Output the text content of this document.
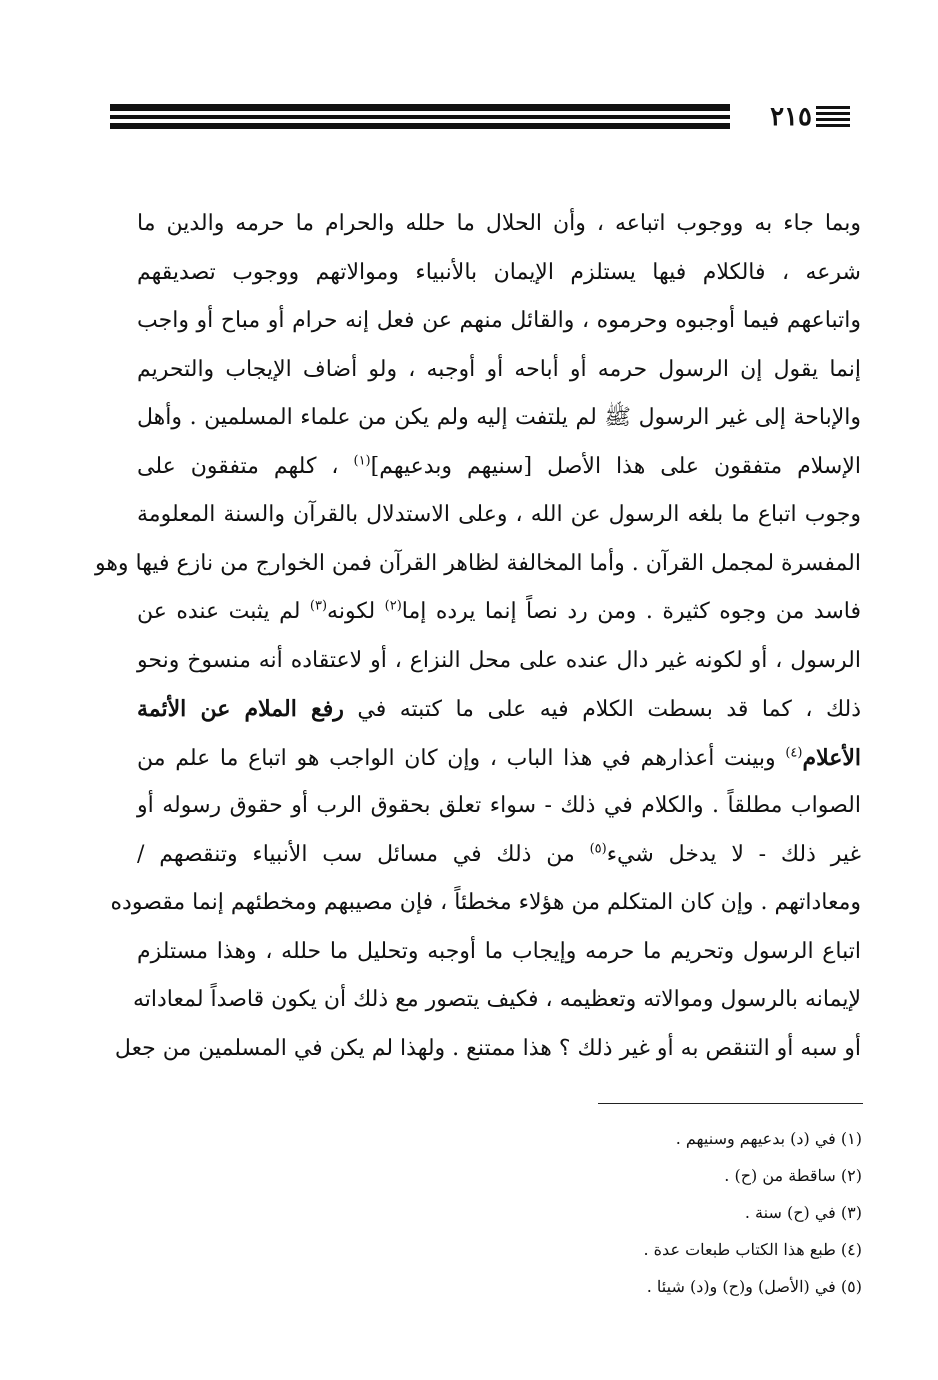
٢١٥
وبما جاء به ووجوب اتباعه ، وأن الحلال ما حلله والحرام ما حرمه والدين ما
شرعه ، فالكلام فيها يستلزم الإيمان بالأنبياء وموالاتهم ووجوب تصديقهم
واتباعهم فيما أوجبوه وحرموه ، والقائل منهم عن فعل إنه حرام أو مباح أو واجب
إنما يقول إن الرسول حرمه أو أباحه أو أوجبه ، ولو أضاف الإيجاب والتحريم
والإباحة إلى غير الرسول ﷺ لم يلتفت إليه ولم يكن من علماء المسلمين . وأهل
الإسلام متفقون على هذا الأصل [سنيهم وبدعيهم]$^{(١)}$ ، كلهم متفقون على
وجوب اتباع ما بلغه الرسول عن الله ، وعلى الاستدلال بالقرآن والسنة المعلومة
المفسرة لمجمل القرآن . وأما المخالفة لظاهر القرآن فمن الخوارج من نازع فيها وهو
فاسد من وجوه كثيرة . ومن رد نصاً إنما يرده إما$^{(٢)}$ لكونه$^{(٣)}$ لم يثبت عنده عن
الرسول ، أو لكونه غير دال عنده على محل النزاع ، أو لاعتقاده أنه منسوخ ونحو
ذلك ، كما قد بسطت الكلام فيه على ما كتبته في رفع الملام عن الأئمة
الأعلام$^{(٤)}$ وبينت أعذارهم في هذا الباب ، وإن كان الواجب هو اتباع ما علم من
الصواب مطلقاً . والكلام في ذلك - سواء تعلق بحقوق الرب أو حقوق رسوله أو
غير ذلك - لا يدخل شيء$^{(٥)}$ من ذلك في مسائل سب الأنبياء وتنقصهم /
ومعاداتهم . وإن كان المتكلم من هؤلاء مخطئاً ، فإن مصيبهم ومخطئهم إنما مقصوده
اتباع الرسول وتحريم ما حرمه وإيجاب ما أوجبه وتحليل ما حلله ، وهذا مستلزم
لإيمانه بالرسول وموالاته وتعظيمه ، فكيف يتصور مع ذلك أن يكون قاصداً لمعاداته
أو سبه أو التنقص به أو غير ذلك ؟ هذا ممتنع . ولهذا لم يكن في المسلمين من جعل
(١) في (د) بدعيهم وسنيهم .
(٢) ساقطة من (ح) .
(٣) في (ح) سنة .
(٤) طبع هذا الكتاب طبعات عدة .
(٥) في (الأصل) و(ح) و(د) شيئا .
